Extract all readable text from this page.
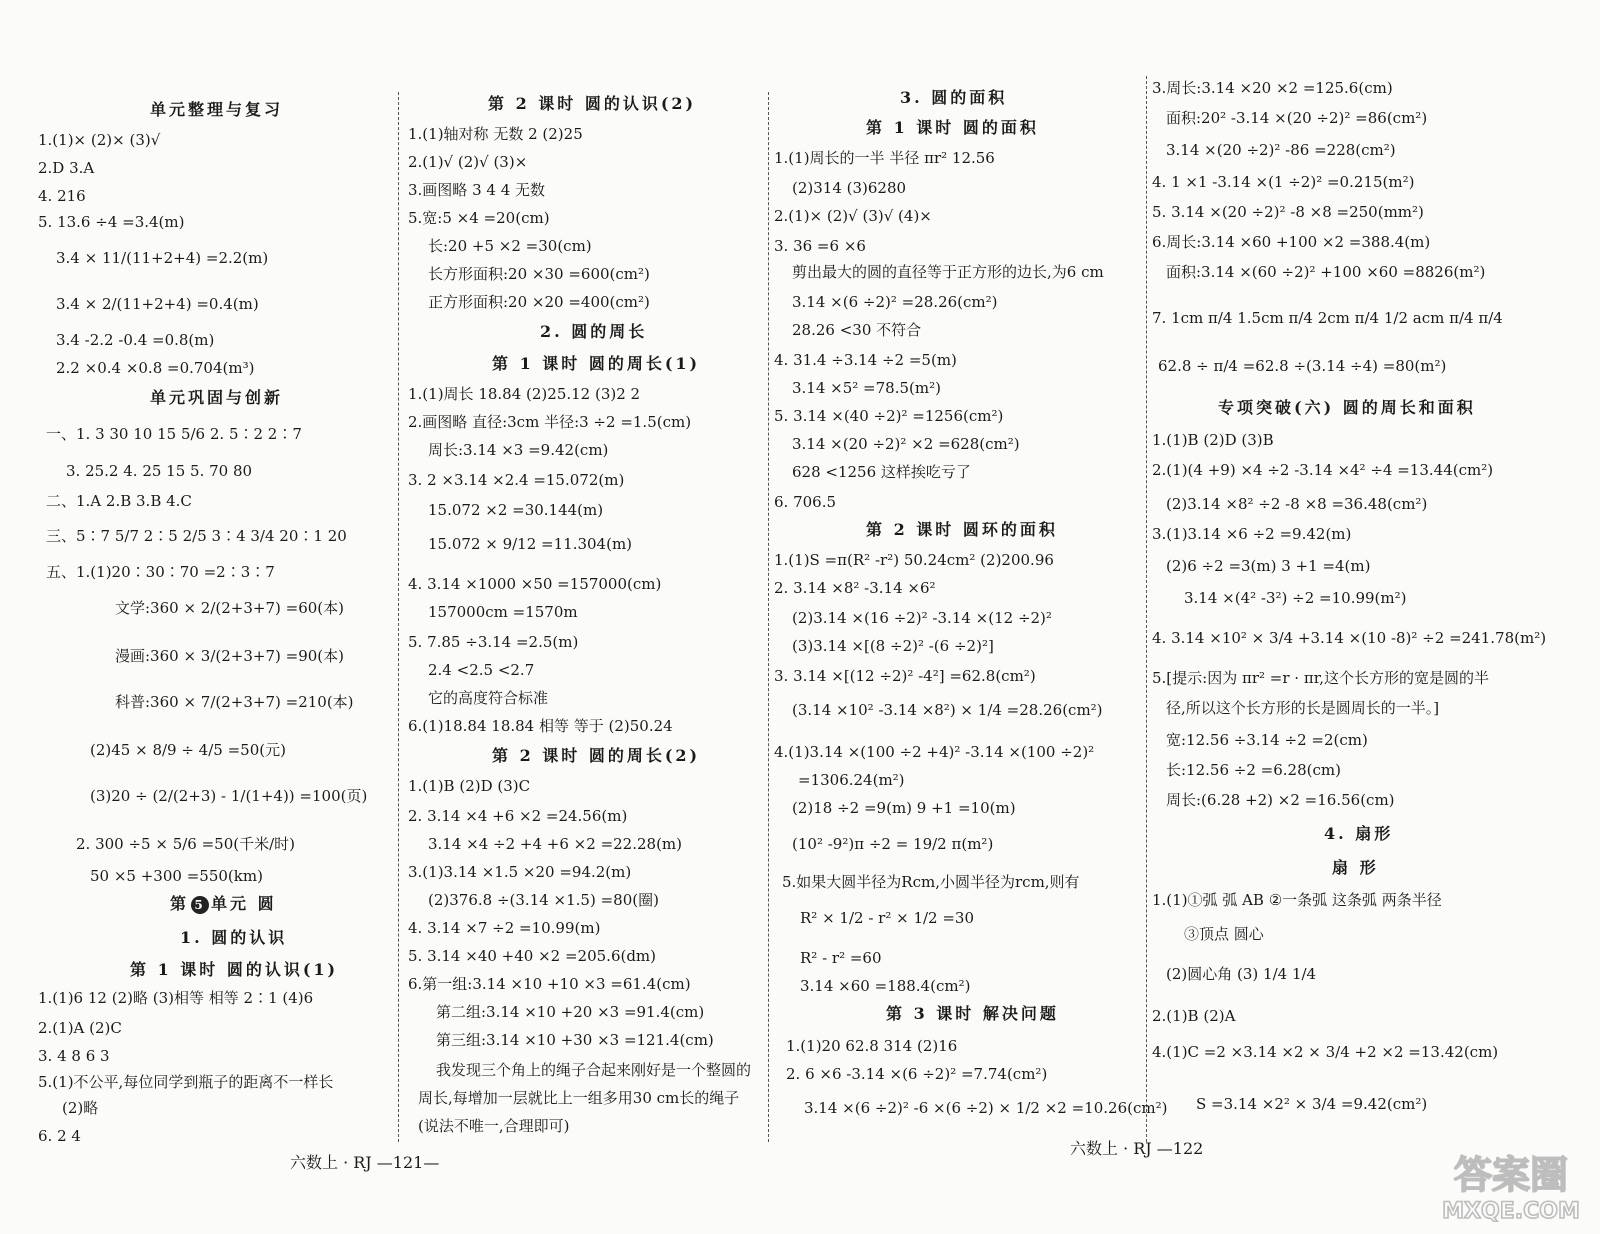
单元整理与复习
1.(1)× (2)× (3)√
2.D 3.A
4. 216
5. 13.6 ÷4 =3.4(m)
3.4 × 11/(11+2+4) =2.2(m)
3.4 × 2/(11+2+4) =0.4(m)
3.4 -2.2 -0.4 =0.8(m)
2.2 ×0.4 ×0.8 =0.704(m³)
单元巩固与创新
一、1. 3 30 10 15 5/6 2. 5∶2 2∶7
3. 25.2 4. 25 15 5. 70 80
二、1.A 2.B 3.B 4.C
三、5∶7 5/7 2∶5 2/5 3∶4 3/4 20∶1 20
五、1.(1)20∶30∶70 =2∶3∶7
文学:360 × 2/(2+3+7) =60(本)
漫画:360 × 3/(2+3+7) =90(本)
科普:360 × 7/(2+3+7) =210(本)
(2)45 × 8/9 ÷ 4/5 =50(元)
(3)20 ÷ (2/(2+3) - 1/(1+4)) =100(页)
2. 300 ÷5 × 5/6 =50(千米/时)
50 ×5 +300 =550(km)
第 5 单元 圆
1. 圆的认识
第 1 课时 圆的认识(1)
1.(1)6 12 (2)略 (3)相等 相等 2∶1 (4)6
2.(1)A (2)C
3. 4 8 6 3
5.(1)不公平,每位同学到瓶子的距离不一样长
(2)略
6. 2 4
第 2 课时 圆的认识(2)
1.(1)轴对称 无数 2 (2)25
2.(1)√ (2)√ (3)×
3.画图略 3 4 4 无数
5.宽:5 ×4 =20(cm)
长:20 +5 ×2 =30(cm)
长方形面积:20 ×30 =600(cm²)
正方形面积:20 ×20 =400(cm²)
2. 圆的周长
第 1 课时 圆的周长(1)
1.(1)周长 18.84 (2)25.12 (3)2 2
2.画图略 直径:3cm 半径:3 ÷2 =1.5(cm)
周长:3.14 ×3 =9.42(cm)
3. 2 ×3.14 ×2.4 =15.072(m)
15.072 ×2 =30.144(m)
15.072 × 9/12 =11.304(m)
4. 3.14 ×1000 ×50 =157000(cm)
157000cm =1570m
5. 7.85 ÷3.14 =2.5(m)
2.4 <2.5 <2.7
它的高度符合标准
6.(1)18.84 18.84 相等 等于 (2)50.24
第 2 课时 圆的周长(2)
1.(1)B (2)D (3)C
2. 3.14 ×4 +6 ×2 =24.56(m)
3.14 ×4 ÷2 +4 +6 ×2 =22.28(m)
3.(1)3.14 ×1.5 ×20 =94.2(m)
(2)376.8 ÷(3.14 ×1.5) =80(圈)
4. 3.14 ×7 ÷2 =10.99(m)
5. 3.14 ×40 +40 ×2 =205.6(dm)
6.第一组:3.14 ×10 +10 ×3 =61.4(cm)
第二组:3.14 ×10 +20 ×3 =91.4(cm)
第三组:3.14 ×10 +30 ×3 =121.4(cm)
我发现三个角上的绳子合起来刚好是一个整圆的
周长,每增加一层就比上一组多用30 cm长的绳子
(说法不唯一,合理即可)
3. 圆的面积
第 1 课时 圆的面积
1.(1)周长的一半 半径 πr² 12.56
(2)314 (3)6280
2.(1)× (2)√ (3)√ (4)×
3. 36 =6 ×6
剪出最大的圆的直径等于正方形的边长,为6 cm
3.14 ×(6 ÷2)² =28.26(cm²)
28.26 <30 不符合
4. 31.4 ÷3.14 ÷2 =5(m)
3.14 ×5² =78.5(m²)
5. 3.14 ×(40 ÷2)² =1256(cm²)
3.14 ×(20 ÷2)² ×2 =628(cm²)
628 <1256 这样挨吃亏了
6. 706.5
第 2 课时 圆环的面积
1.(1)S =π(R² -r²) 50.24cm² (2)200.96
2. 3.14 ×8² -3.14 ×6²
(2)3.14 ×(16 ÷2)² -3.14 ×(12 ÷2)²
(3)3.14 ×[(8 ÷2)² -(6 ÷2)²]
3. 3.14 ×[(12 ÷2)² -4²] =62.8(cm²)
(3.14 ×10² -3.14 ×8²) × 1/4 =28.26(cm²)
4.(1)3.14 ×(100 ÷2 +4)² -3.14 ×(100 ÷2)²
=1306.24(m²)
(2)18 ÷2 =9(m) 9 +1 =10(m)
(10² -9²)π ÷2 = 19/2 π(m²)
5.如果大圆半径为Rcm,小圆半径为rcm,则有
R² × 1/2 - r² × 1/2 =30
R² - r² =60
3.14 ×60 =188.4(cm²)
第 3 课时 解决问题
1.(1)20 62.8 314 (2)16
2. 6 ×6 -3.14 ×(6 ÷2)² =7.74(cm²)
3.14 ×(6 ÷2)² -6 ×(6 ÷2) × 1/2 ×2 =10.26(cm²)
3.周长:3.14 ×20 ×2 =125.6(cm)
面积:20² -3.14 ×(20 ÷2)² =86(cm²)
3.14 ×(20 ÷2)² -86 =228(cm²)
4. 1 ×1 -3.14 ×(1 ÷2)² =0.215(m²)
5. 3.14 ×(20 ÷2)² -8 ×8 =250(mm²)
6.周长:3.14 ×60 +100 ×2 =388.4(m)
面积:3.14 ×(60 ÷2)² +100 ×60 =8826(m²)
7. 1cm π/4 1.5cm π/4 2cm π/4 1/2 acm π/4 π/4
62.8 ÷ π/4 =62.8 ÷(3.14 ÷4) =80(m²)
专项突破(六) 圆的周长和面积
1.(1)B (2)D (3)B
2.(1)(4 +9) ×4 ÷2 -3.14 ×4² ÷4 =13.44(cm²)
(2)3.14 ×8² ÷2 -8 ×8 =36.48(cm²)
3.(1)3.14 ×6 ÷2 =9.42(m)
(2)6 ÷2 =3(m) 3 +1 =4(m)
3.14 ×(4² -3²) ÷2 =10.99(m²)
4. 3.14 ×10² × 3/4 +3.14 ×(10 -8)² ÷2 =241.78(m²)
5.[提示:因为 πr² =r · πr,这个长方形的宽是圆的半
径,所以这个长方形的长是圆周长的一半。]
宽:12.56 ÷3.14 ÷2 =2(cm)
长:12.56 ÷2 =6.28(cm)
周长:(6.28 +2) ×2 =16.56(cm)
4. 扇形
扇 形
1.(1)①弧 弧 AB ②一条弧 这条弧 两条半径
③顶点 圆心
(2)圆心角 (3) 1/4 1/4
2.(1)B (2)A
4.(1)C =2 ×3.14 ×2 × 3/4 +2 ×2 =13.42(cm)
S =3.14 ×2² × 3/4 =9.42(cm²)
六数上 · RJ —121—
六数上 · RJ —122
答案圈
MXQE.COM
